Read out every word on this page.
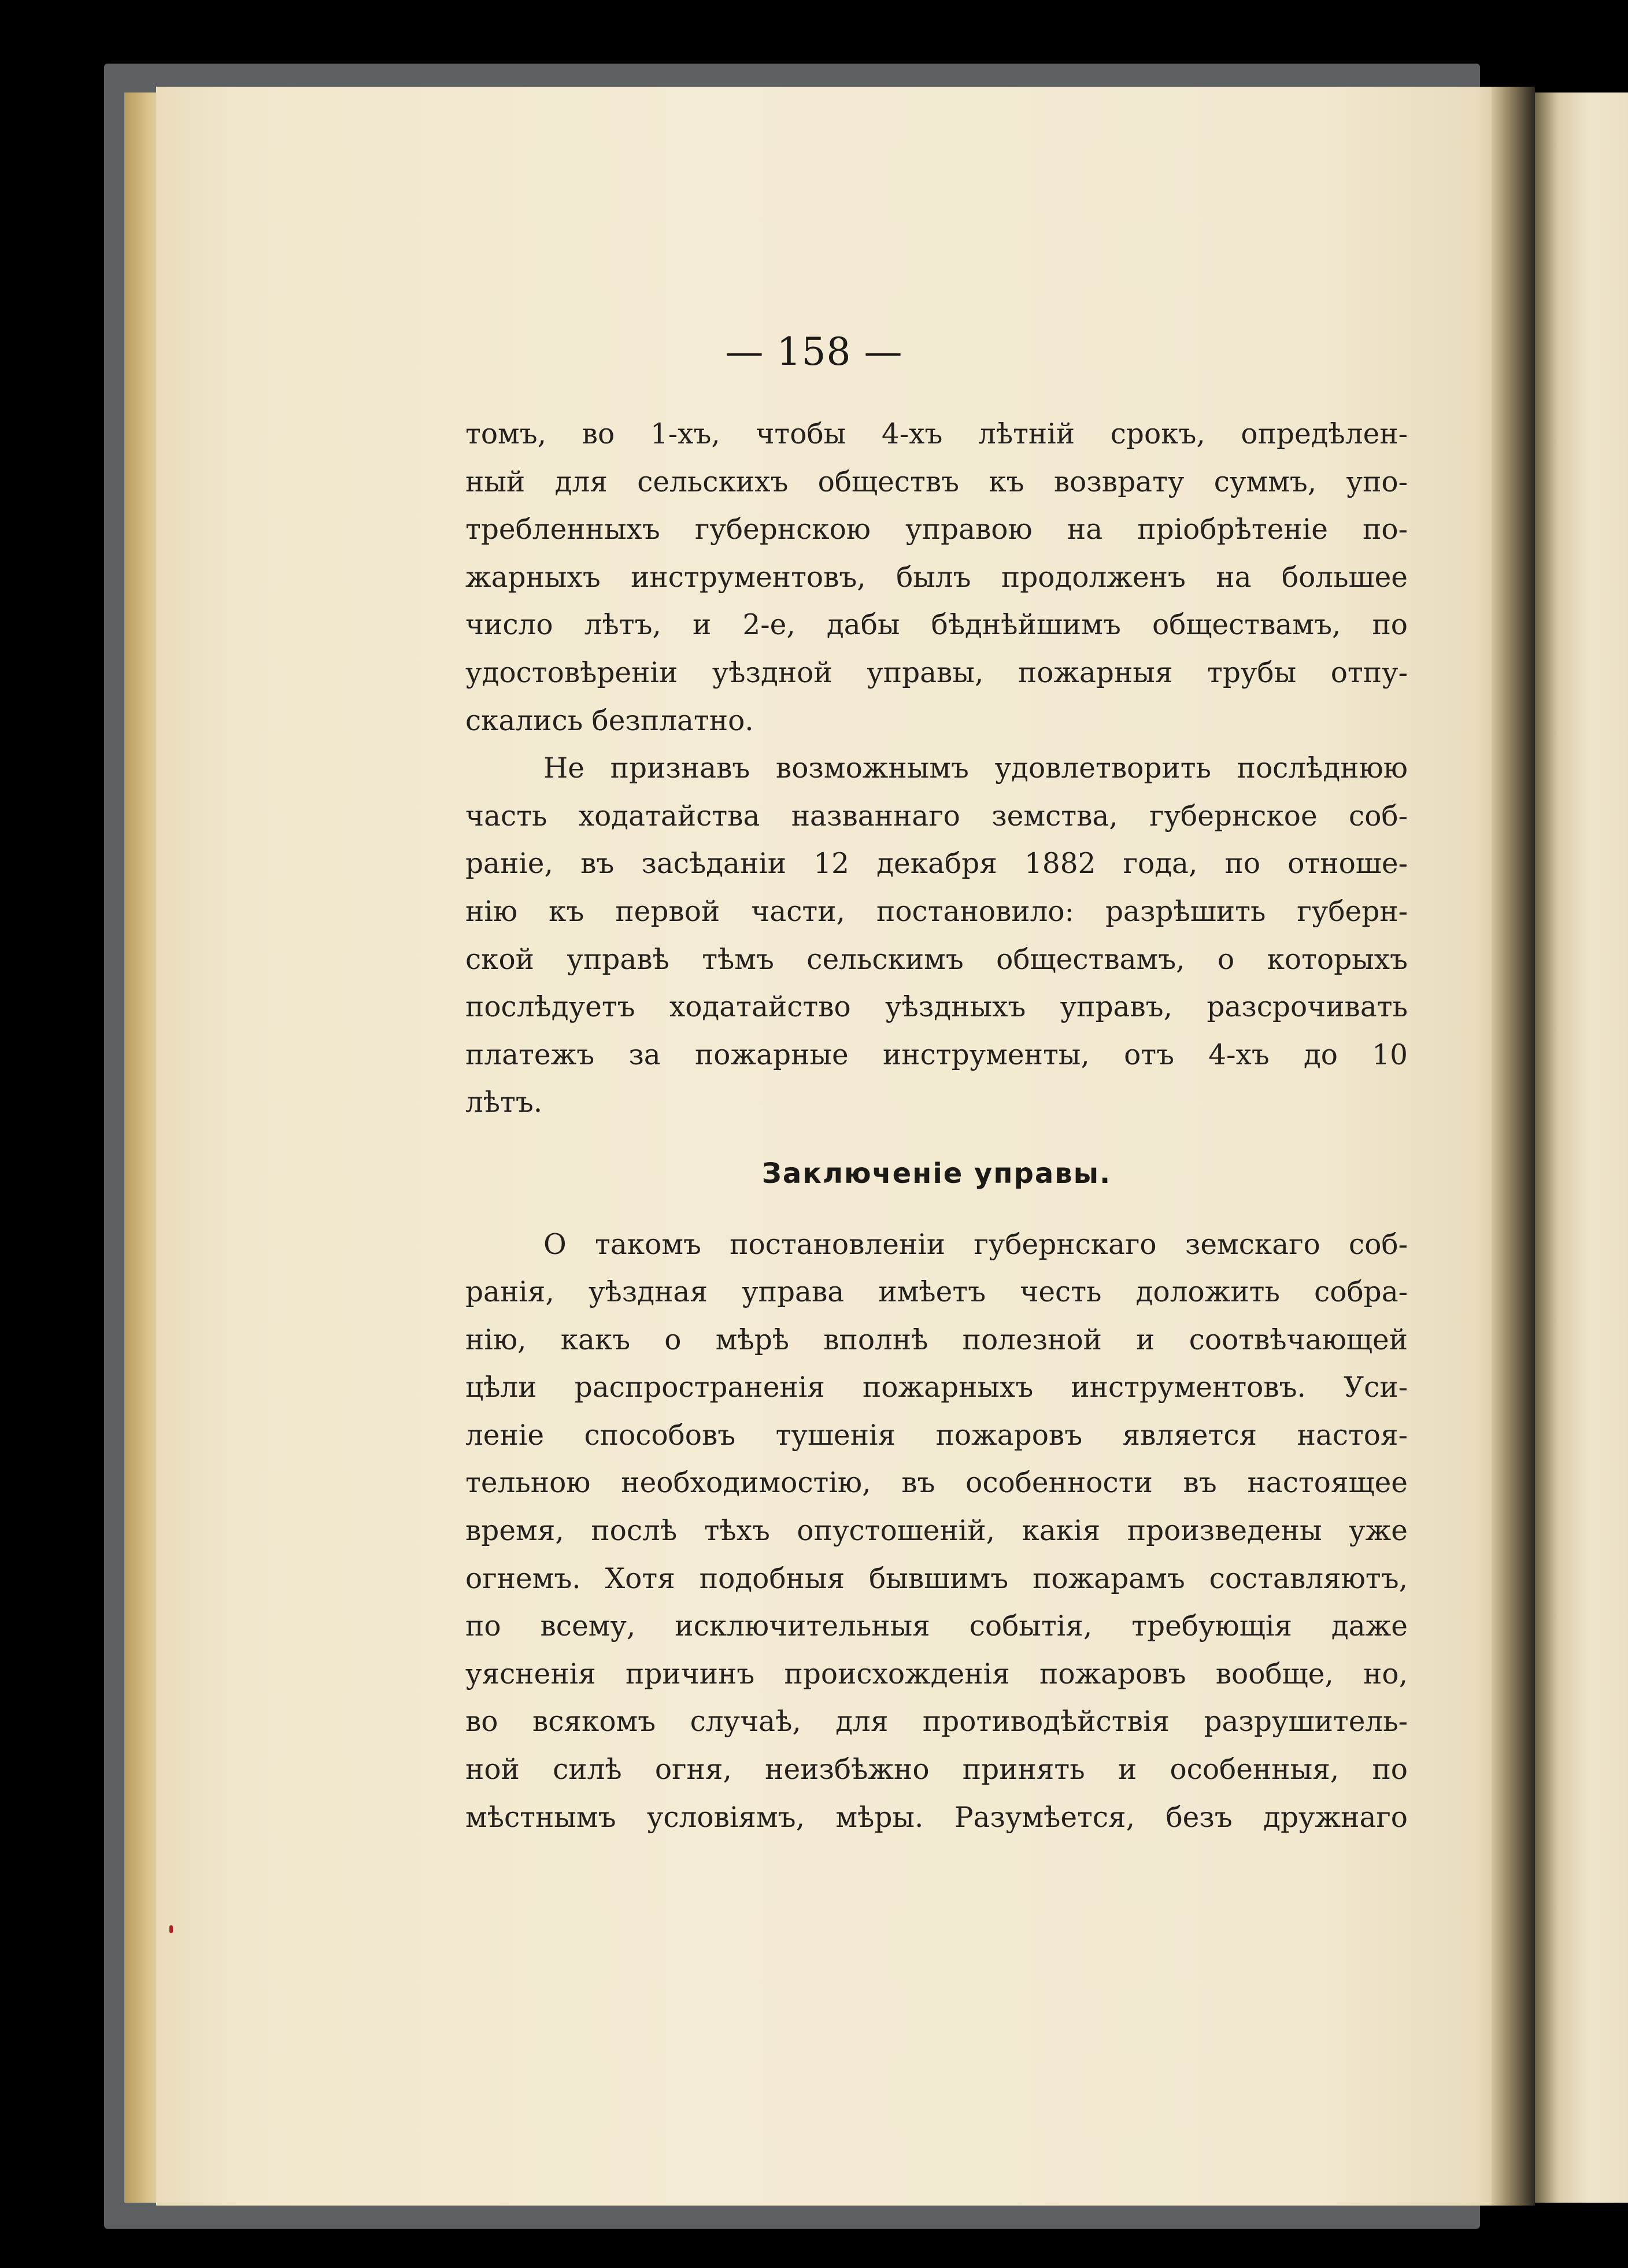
— 158 —
томъ, во 1-хъ, чтобы 4-хъ лѣтній срокъ, опредѣлен-
ный для сельскихъ обществъ къ возврату суммъ, упо-
требленныхъ губернскою управою на пріобрѣтеніе по-
жарныхъ инструментовъ, былъ продолженъ на большее
число лѣтъ, и 2-е, дабы бѣднѣйшимъ обществамъ, по
удостовѣреніи уѣздной управы, пожарныя трубы отпу-
скались безплатно.
Не признавъ возможнымъ удовлетворить послѣднюю
часть ходатайства названнаго земства, губернское соб-
раніе, въ засѣданіи 12 декабря 1882 года, по отноше-
нію къ первой части, постановило: разрѣшить губерн-
ской управѣ тѣмъ сельскимъ обществамъ, о которыхъ
послѣдуетъ ходатайство уѣздныхъ управъ, разсрочивать
платежъ за пожарные инструменты, отъ 4-хъ до 10
лѣтъ.
Заключеніе управы.
О такомъ постановленіи губернскаго земскаго соб-
ранія, уѣздная управа имѣетъ честь доложить собра-
нію, какъ о мѣрѣ вполнѣ полезной и соотвѣчающей
цѣли распространенія пожарныхъ инструментовъ. Уси-
леніе способовъ тушенія пожаровъ является настоя-
тельною необходимостію, въ особенности въ настоящее
время, послѣ тѣхъ опустошеній, какія произведены уже
огнемъ. Хотя подобныя бывшимъ пожарамъ составляютъ,
по всему, исключительныя событія, требующія даже
уясненія причинъ происхожденія пожаровъ вообще, но,
во всякомъ случаѣ, для противодѣйствія разрушитель-
ной силѣ огня, неизбѣжно принять и особенныя, по
мѣстнымъ условіямъ, мѣры. Разумѣется, безъ дружнаго
